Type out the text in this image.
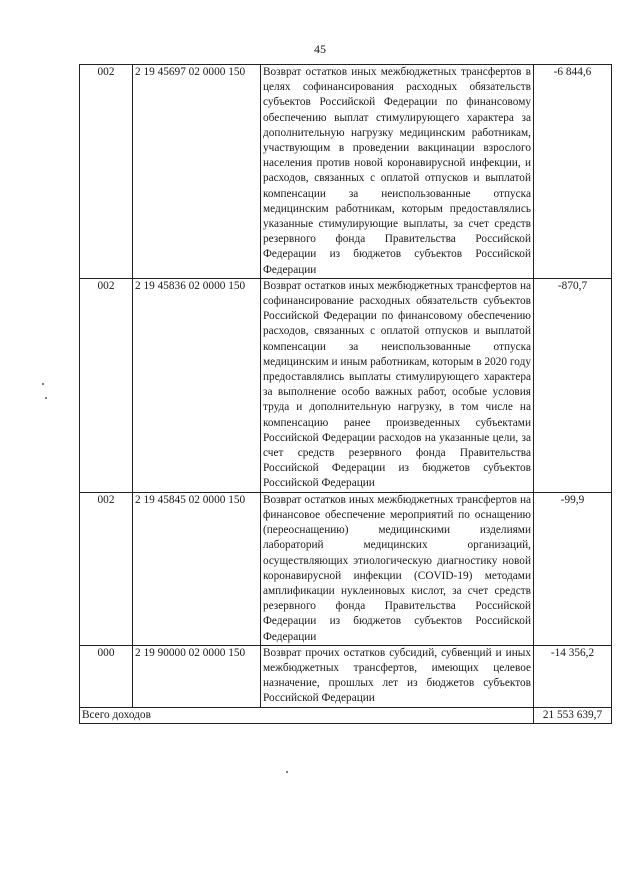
45
002	2 19 45697 02 0000 150	Возврат остатков иных межбюджетных трансфертов в целях софинансирования расходных обязательств субъектов Российской Федерации по финансовому обеспечению выплат стимулирующего характера за дополнительную нагрузку медицинским работникам, участвующим в проведении вакцинации взрослого населения против новой коронавирусной инфекции, и расходов, связанных с оплатой отпусков и выплатой компенсации за неиспользованные отпуска медицинским работникам, которым предоставлялись указанные стимулирующие выплаты, за счет средств резервного фонда Правительства Российской Федерации из бюджетов субъектов Российской Федерации	-6 844,6
002	2 19 45836 02 0000 150	Возврат остатков иных межбюджетных трансфертов на софинансирование расходных обязательств субъектов Российской Федерации по финансовому обеспечению расходов, связанных с оплатой отпусков и выплатой компенсации за неиспользованные отпуска медицинским и иным работникам, которым в 2020 году предоставлялись выплаты стимулирующего характера за выполнение особо важных работ, особые условия труда и дополнительную нагрузку, в том числе на компенсацию ранее произведенных субъектами Российской Федерации расходов на указанные цели, за счет средств резервного фонда Правительства Российской Федерации из бюджетов субъектов Российской Федерации	-870,7
002	2 19 45845 02 0000 150	Возврат остатков иных межбюджетных трансфертов на финансовое обеспечение мероприятий по оснащению (переоснащению) медицинскими изделиями лабораторий медицинских организаций, осуществляющих этиологическую диагностику новой коронавирусной инфекции (COVID-19) методами амплификации нуклеиновых кислот, за счет средств резервного фонда Правительства Российской Федерации из бюджетов субъектов Российской Федерации	-99,9
000	2 19 90000 02 0000 150	Возврат прочих остатков субсидий, субвенций и иных межбюджетных трансфертов, имеющих целевое назначение, прошлых лет из бюджетов субъектов Российской Федерации	-14 356,2
Всего доходов			21 553 639,7
